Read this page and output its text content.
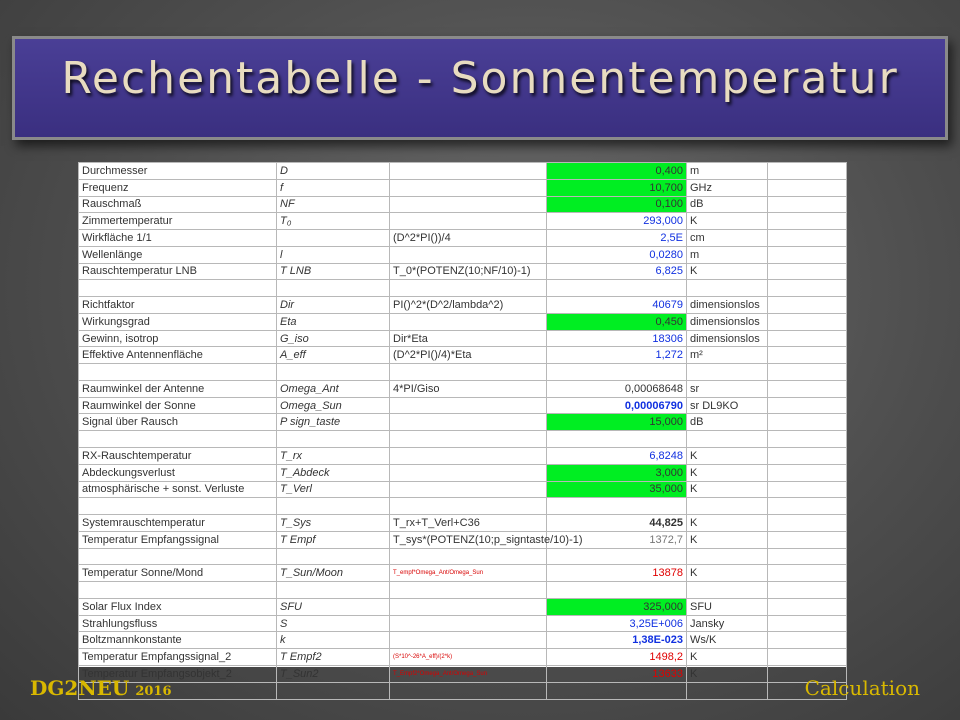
Rechentabelle - Sonnentemperatur
Durchmesser	D		0,400	m	
Frequenz	f		10,700	GHz	
Rauschmaß	NF		0,100	dB	
Zimmertemperatur	T₀		293,000	K	
Wirkfläche 1/1		(D^2*PI())/4	2,5E	cm	
Wellenlänge	l		0,0280	m	
Rauschtemperatur LNB	T LNB	T_0*(POTENZ(10;NF/10)-1)	6,825	K	

Richtfaktor	Dir	PI()^2*(D^2/lambda^2)	40679	dimensionslos	
Wirkungsgrad	Eta		0,450	dimensionslos	
Gewinn, isotrop	G_iso	Dir*Eta	18306	dimensionslos	
Effektive Antennenfläche	A_eff	(D^2*PI()/4)*Eta	1,272	m²	

Raumwinkel der Antenne	Omega_Ant	4*PI/Giso	0,00068648	sr	
Raumwinkel der Sonne	Omega_Sun		0,00006790	sr DL9KO	
Signal über Rausch	P sign_taste		15,000	dB	

RX-Rauschtemperatur	T_rx		6,8248	K	
Abdeckungsverlust	T_Abdeck		3,000	K	
atmosphärische + sonst. Verluste	T_Verl		35,000	K	

Systemrauschtemperatur	T_Sys	T_rx+T_Verl+C36	44,825	K	
Temperatur Empfangssignal	T Empf	T_sys*(POTENZ(10;p_signtaste/10)-1)	1372,7	K	

Temperatur Sonne/Mond	T_Sun/Moon	T_empf*Omega_Ant/Omega_Sun	13878	K	

Solar Flux Index	SFU		325,000	SFU	
Strahlungsfluss	S		3,25E+006	Jansky	
Boltzmannkonstante	k		1,38E-023	Ws/K	
Temperatur Empfangssignal_2	T Empf2	(S*10^-26*A_eff)/(2*k)	1498,2	K	
Temperatur Empfangsobjekt_2	T_Sun2	T_Empf2*Omega_Ant/Omega_Sun	13633	K	

DG2NEU 2016	Calculation
